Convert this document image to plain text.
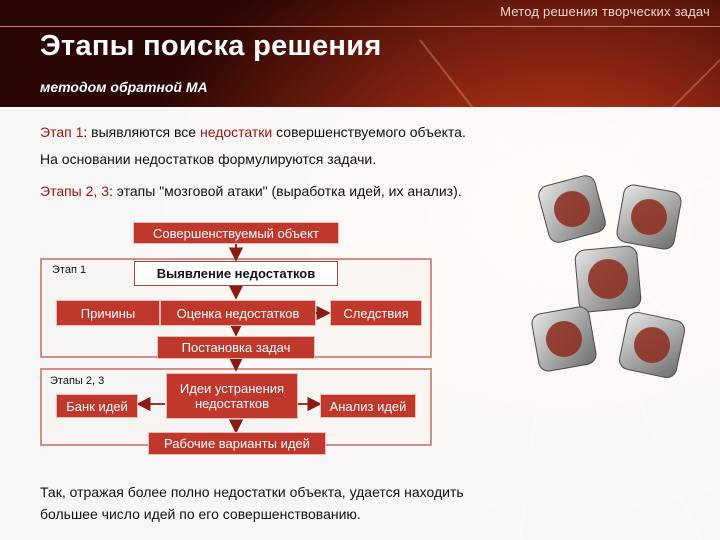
Метод решения творческих задач
Этапы поиска решения
методом обратной МА
Этап 1: выявляются все недостатки совершенствуемого объекта.
На основании недостатков формулируются задачи.
Этапы 2, 3: этапы "мозговой атаки" (выработка идей, их анализ).
Этап 1
Этапы 2, 3
Совершенствуемый объект
Выявление недостатков
Причины	Оценка недостатков	Следствия
Постановка задач
Банк идей
Идеи устранения недостатков	Анализ идей
Рабочие варианты идей
Так, отражая более полно недостатки объекта, удается находить
большее число идей по его совершенствованию.
